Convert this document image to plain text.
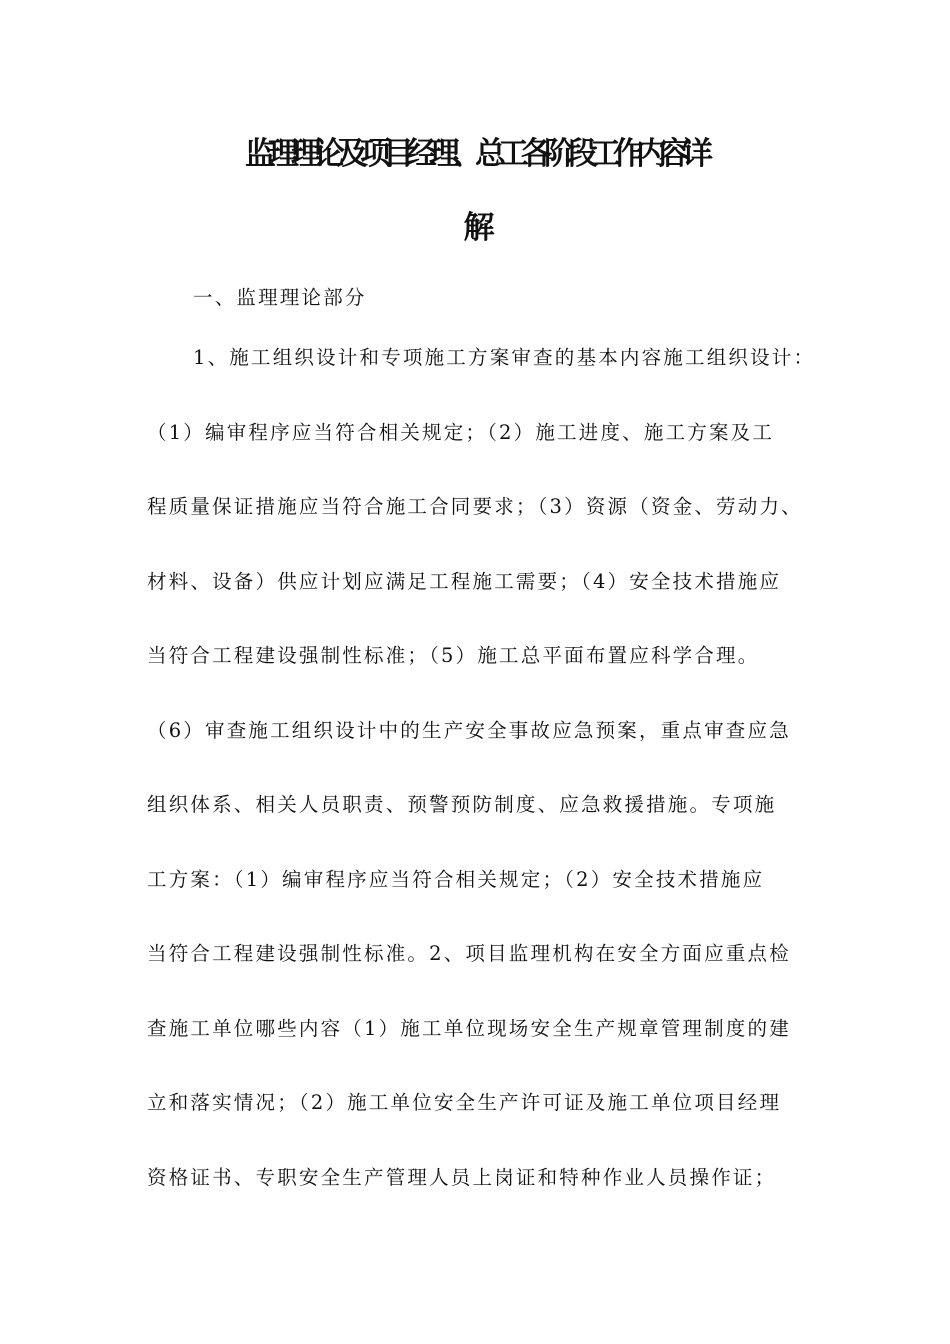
监理理论及项目经理、总工各阶段工作内容详
解
一、监理理论部分
1、施工组织设计和专项施工方案审查的基本内容施工组织设计：
（1）编审程序应当符合相关规定；（2）施工进度、施工方案及工
程质量保证措施应当符合施工合同要求；（3）资源（资金、劳动力、
材料、设备）供应计划应满足工程施工需要；（4）安全技术措施应
当符合工程建设强制性标准；（5）施工总平面布置应科学合理。
（6）审查施工组织设计中的生产安全事故应急预案，重点审查应急
组织体系、相关人员职责、预警预防制度、应急救援措施。专项施
工方案：（1）编审程序应当符合相关规定；（2）安全技术措施应
当符合工程建设强制性标准。2、项目监理机构在安全方面应重点检
查施工单位哪些内容（1）施工单位现场安全生产规章管理制度的建
立和落实情况；（2）施工单位安全生产许可证及施工单位项目经理
资格证书、专职安全生产管理人员上岗证和特种作业人员操作证；
